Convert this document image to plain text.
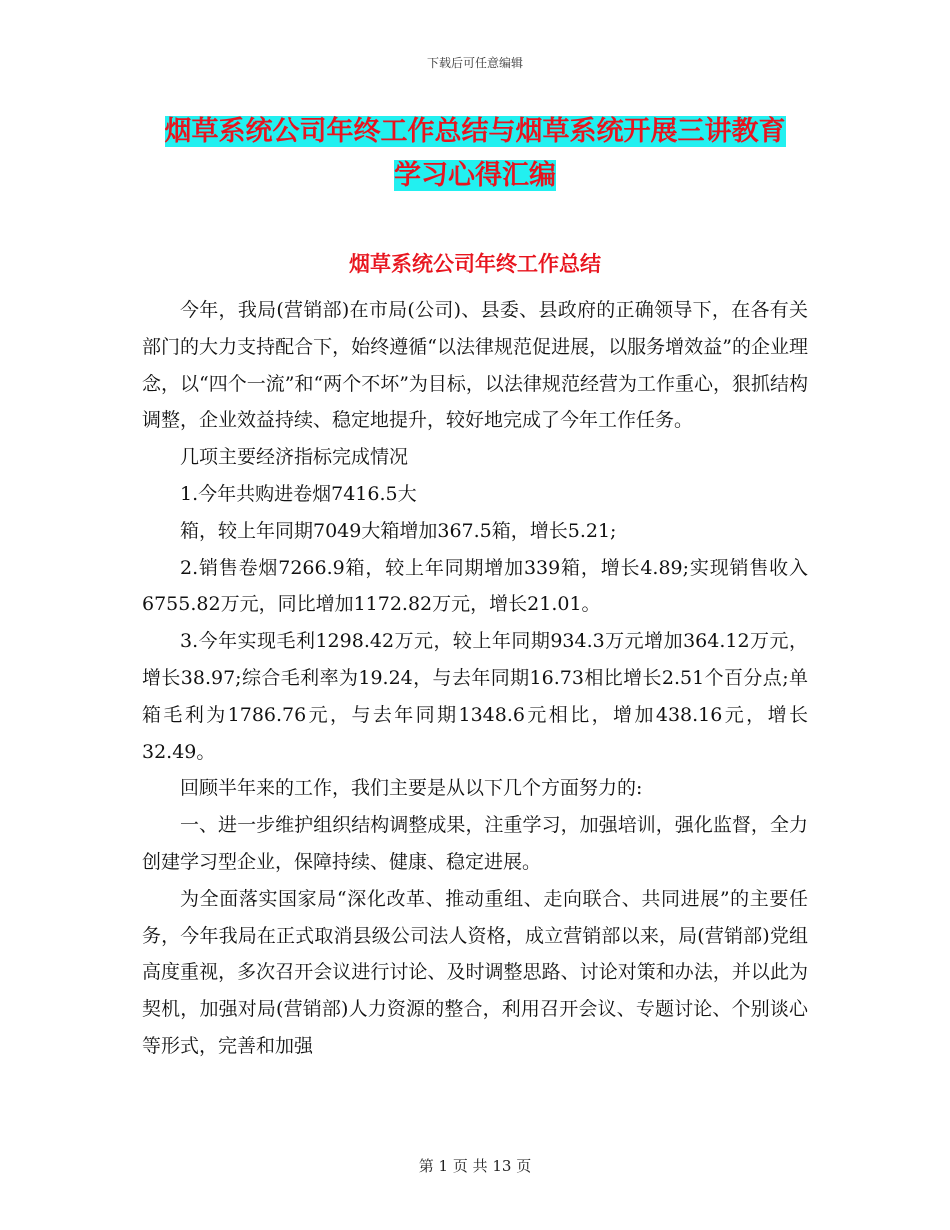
下载后可任意编辑
烟草系统公司年终工作总结与烟草系统开展三讲教育
学习心得汇编
烟草系统公司年终工作总结

今年，我局(营销部)在市局(公司)、县委、县政府的正确领导下，在各有关部门的大力支持配合下，始终遵循“以法律规范促进展，以服务增效益”的企业理念，以“四个一流”和“两个不坏”为目标，以法律规范经营为工作重心，狠抓结构调整，企业效益持续、稳定地提升，较好地完成了今年工作任务。

几项主要经济指标完成情况

1.今年共购进卷烟7416.5大

箱，较上年同期7049大箱增加367.5箱，增长5.21;

2.销售卷烟7266.9箱，较上年同期增加339箱，增长4.89;实现销售收入6755.82万元，同比增加1172.82万元，增长21.01。

3.今年实现毛利1298.42万元，较上年同期934.3万元增加364.12万元，增长38.97;综合毛利率为19.24，与去年同期16.73相比增长2.51个百分点;单箱毛利为1786.76元，与去年同期1348.6元相比，增加438.16元，增长32.49。

回顾半年来的工作，我们主要是从以下几个方面努力的:

一、进一步维护组织结构调整成果，注重学习，加强培训，强化监督，全力创建学习型企业，保障持续、健康、稳定进展。

为全面落实国家局“深化改革、推动重组、走向联合、共同进展”的主要任务，今年我局在正式取消县级公司法人资格，成立营销部以来，局(营销部)党组高度重视，多次召开会议进行讨论、及时调整思路、讨论对策和办法，并以此为契机，加强对局(营销部)人力资源的整合，利用召开会议、专题讨论、个别谈心等形式，完善和加强

第 1 页 共 13 页
